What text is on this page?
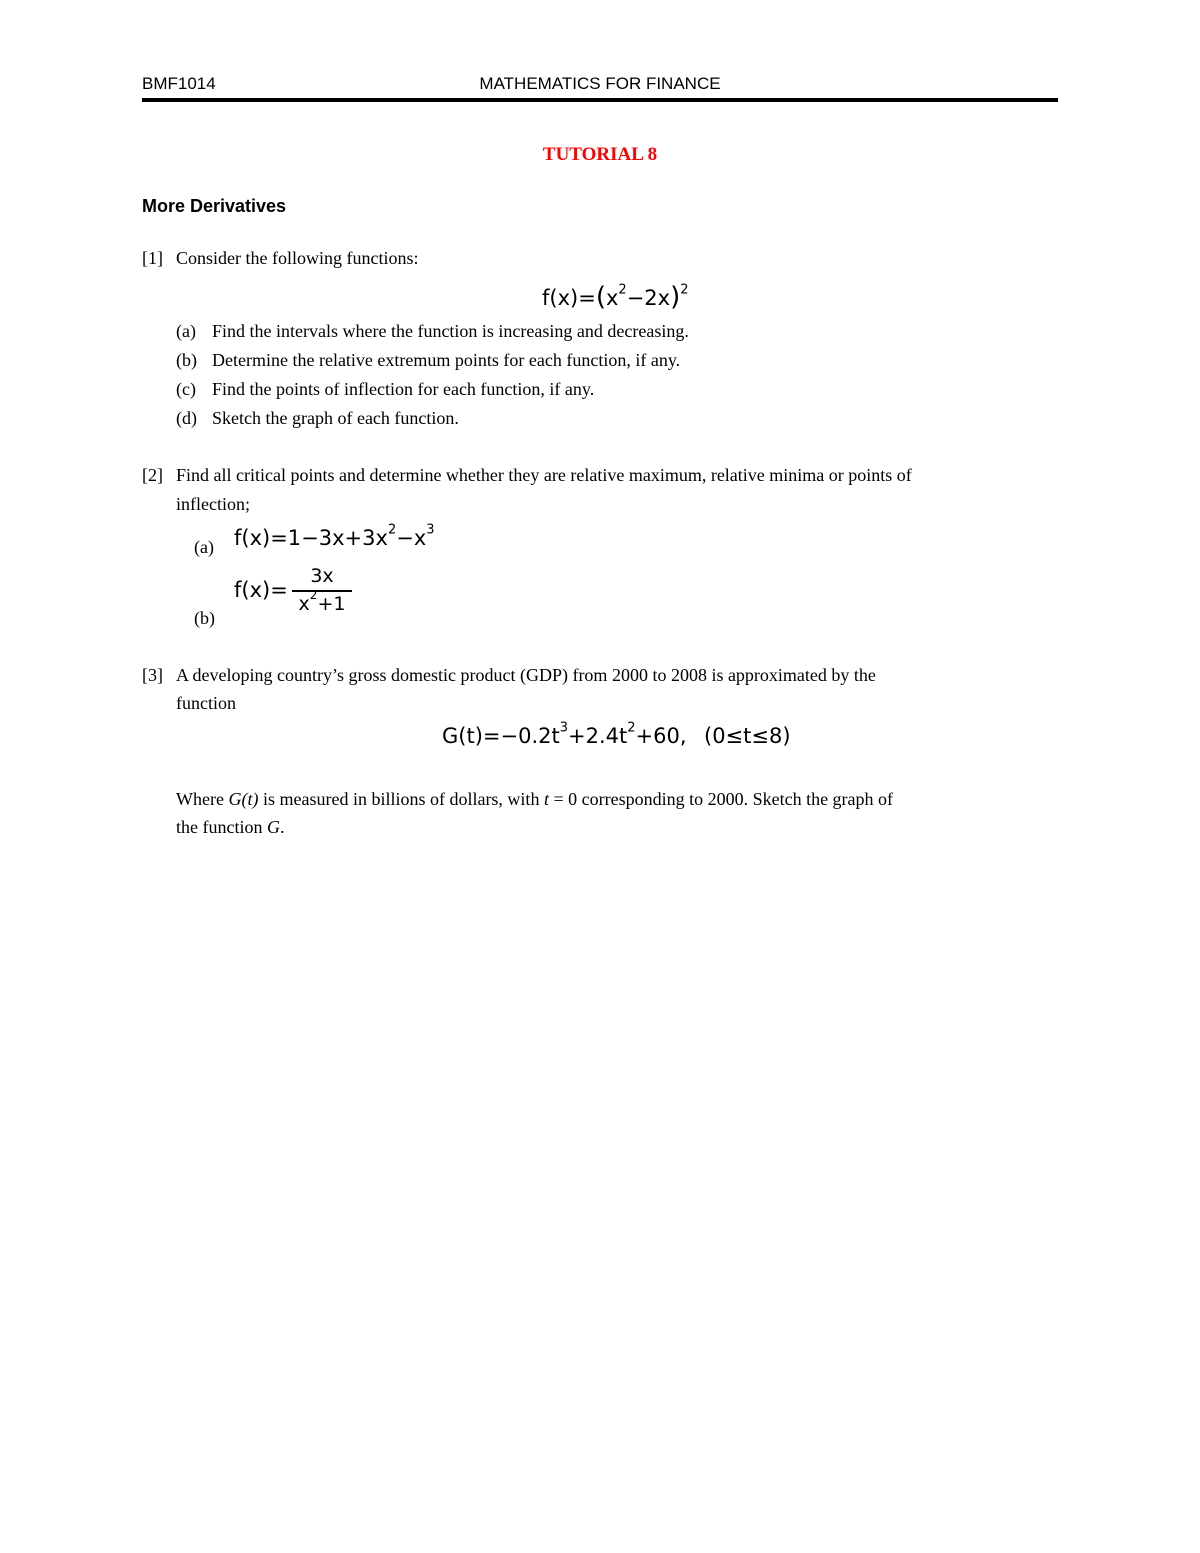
BMF1014	MATHEMATICS FOR FINANCE
TUTORIAL 8
More Derivatives
[1] Consider the following functions:
$f(x)=(x^2-2x)^2$
(a) Find the intervals where the function is increasing and decreasing.
(b) Determine the relative extremum points for each function, if any.
(c) Find the points of inflection for each function, if any.
(d) Sketch the graph of each function.
[2] Find all critical points and determine whether they are relative maximum, relative minima or points of
inflection;
(a) $f(x)=1-3x+3x^2-x^3$
(b)
f(x)=
3x
$x^2+1$
[3] A developing country’s gross domestic product (GDP) from 2000 to 2008 is approximated by the
function
$G(t)=-0.2t^3+2.4t^2+60$, (0≤t≤8)
Where G(t) is measured in billions of dollars, with t = 0 corresponding to 2000. Sketch the graph of
the function G.
